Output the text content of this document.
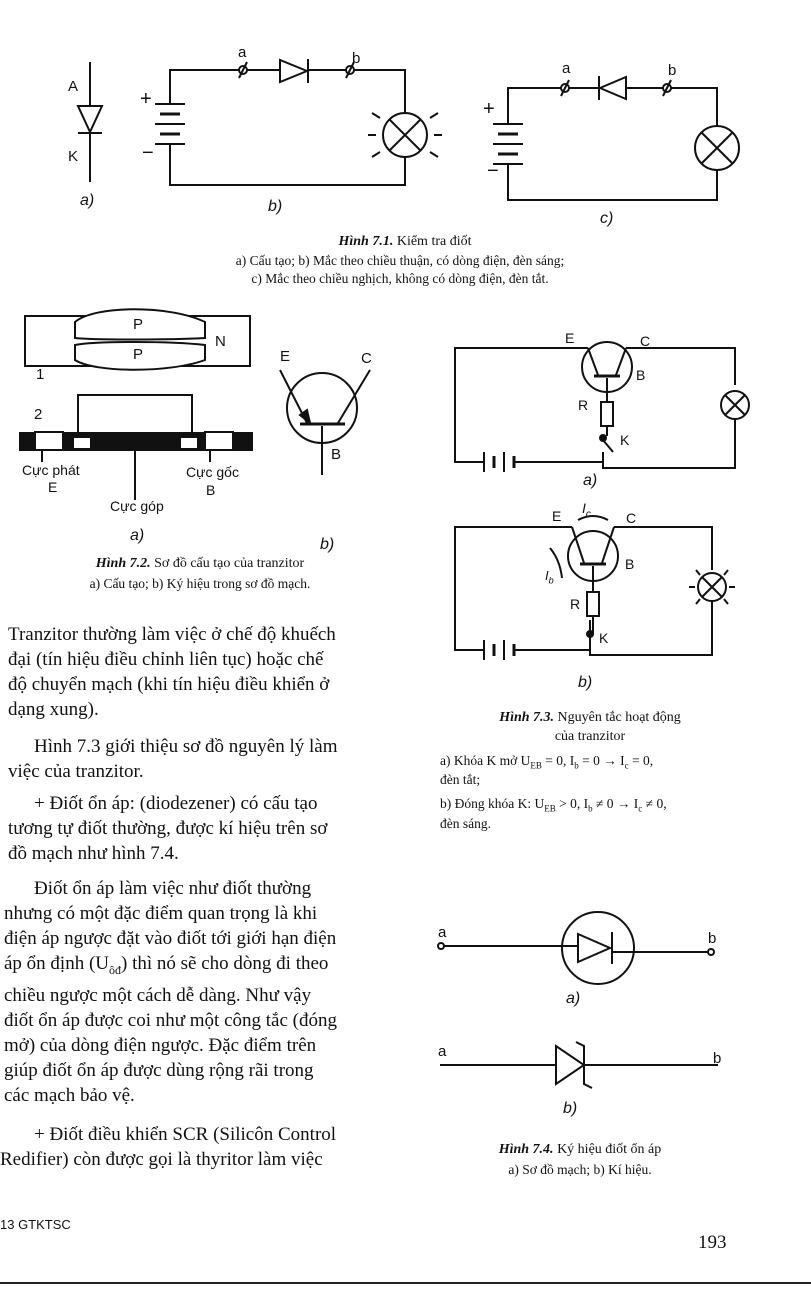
A
K
a	b
+
−
a	b
+
−
a)	b)
c)
Hình 7.1. Kiểm tra điốt
a) Cấu tạo; b) Mắc theo chiều thuận, có dòng điện, đèn sáng;
c) Mắc theo chiều nghịch, không có dòng điện, đèn tắt.
P
P
N
1
2
Cực phát
E
Cực gốc
B
Cực góp
E	C
B
a)
b)
Hình 7.2. Sơ đồ cấu tạo của tranzitor
a) Cấu tạo; b) Ký hiệu trong sơ đồ mạch.
E	C
B
R
K
a)
E $I_c$	C
B
$I_b$
R
K
b)
Hình 7.3. Nguyên tắc hoạt động
của tranzitor
a) Khóa K mở $U_{EB} = 0$, $I_b = 0 \to I_c = 0$,
đèn tắt;
b) Đóng khóa K: $U_{EB} > 0$, $I_b \ne 0 \to I_c \ne 0$,
đèn sáng.
a	b
a)
a	b
b)
Hình 7.4. Ký hiệu điốt ổn áp
a) Sơ đồ mạch; b) Kí hiệu.
Tranzitor thường làm việc ở chế độ khuếch
đại (tín hiệu điều chỉnh liên tục) hoặc chế
độ chuyển mạch (khi tín hiệu điều khiển ở
dạng xung).
Hình 7.3 giới thiệu sơ đồ nguyên lý làm
việc của tranzitor.
+ Điốt ổn áp: (diodezener) có cấu tạo
tương tự điốt thường, được kí hiệu trên sơ
đồ mạch như hình 7.4.
Điốt ổn áp làm việc như điốt thường
nhưng có một đặc điểm quan trọng là khi
điện áp ngược đặt vào điốt tới giới hạn điện
áp ổn định $(U_{ôđ})$ thì nó sẽ cho dòng đi theo
chiều ngược một cách dễ dàng. Như vậy
điốt ổn áp được coi như một công tắc (đóng
mở) của dòng điện ngược. Đặc điểm trên
giúp điốt ổn áp được dùng rộng rãi trong
các mạch bảo vệ.
+ Điốt điều khiển SCR (Silicôn Control
Redifier) còn được gọi là thyritor làm việc
13 GTKTSC
193
